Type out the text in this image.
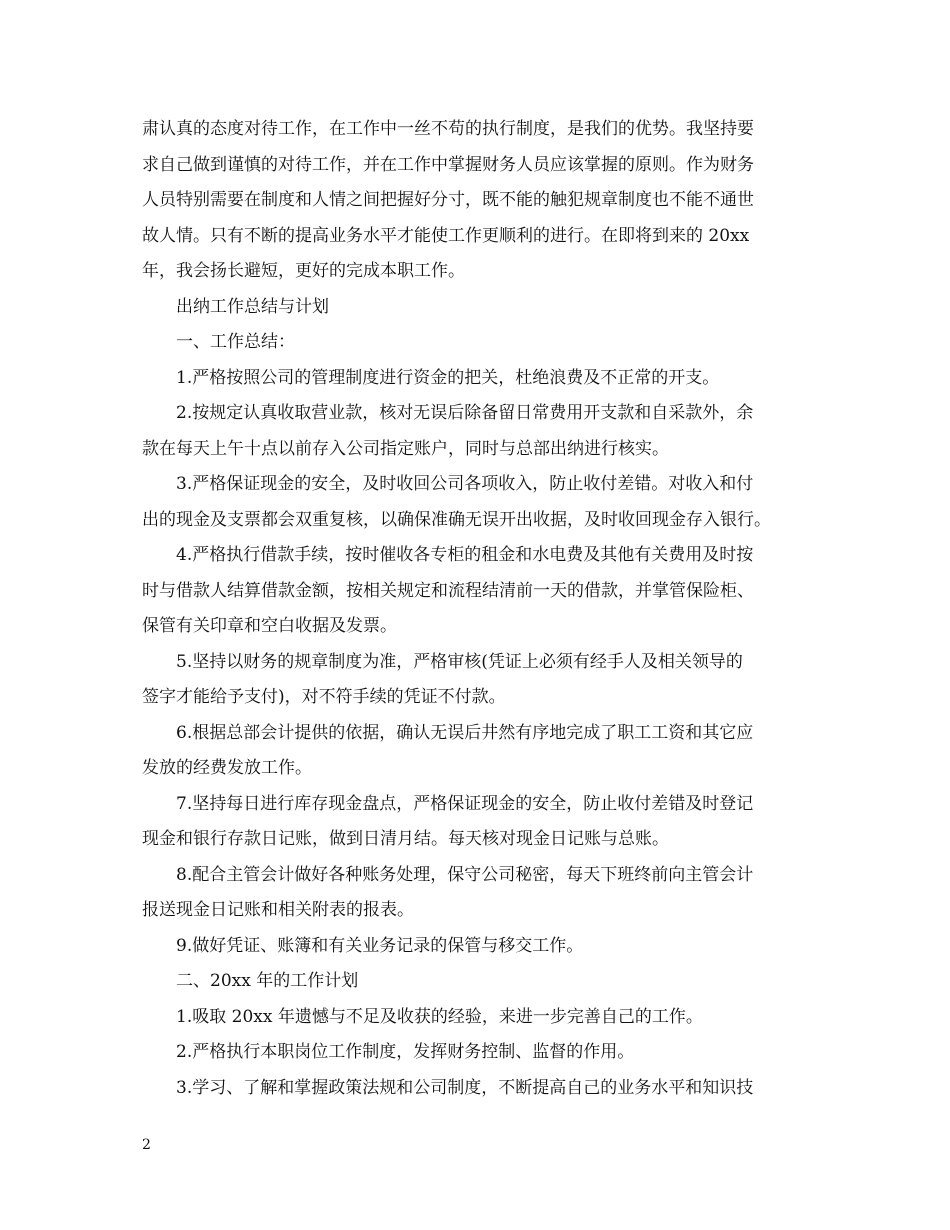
肃认真的态度对待工作，在工作中一丝不苟的执行制度，是我们的优势。我坚持要
求自己做到谨慎的对待工作，并在工作中掌握财务人员应该掌握的原则。作为财务
人员特别需要在制度和人情之间把握好分寸，既不能的触犯规章制度也不能不通世
故人情。只有不断的提高业务水平才能使工作更顺利的进行。在即将到来的 20xx
年，我会扬长避短，更好的完成本职工作。
出纳工作总结与计划
一、工作总结：
1.严格按照公司的管理制度进行资金的把关，杜绝浪费及不正常的开支。
2.按规定认真收取营业款，核对无误后除备留日常费用开支款和自采款外，余
款在每天上午十点以前存入公司指定账户，同时与总部出纳进行核实。
3.严格保证现金的安全，及时收回公司各项收入，防止收付差错。对收入和付
出的现金及支票都会双重复核，以确保准确无误开出收据，及时收回现金存入银行。
4.严格执行借款手续，按时催收各专柜的租金和水电费及其他有关费用及时按
时与借款人结算借款金额，按相关规定和流程结清前一天的借款，并掌管保险柜、
保管有关印章和空白收据及发票。
5.坚持以财务的规章制度为准，严格审核(凭证上必须有经手人及相关领导的
签字才能给予支付)，对不符手续的凭证不付款。
6.根据总部会计提供的依据，确认无误后井然有序地完成了职工工资和其它应
发放的经费发放工作。
7.坚持每日进行库存现金盘点，严格保证现金的安全，防止收付差错及时登记
现金和银行存款日记账，做到日清月结。每天核对现金日记账与总账。
8.配合主管会计做好各种账务处理，保守公司秘密，每天下班终前向主管会计
报送现金日记账和相关附表的报表。
9.做好凭证、账簿和有关业务记录的保管与移交工作。
二、20xx 年的工作计划
1.吸取 20xx 年遗憾与不足及收获的经验，来进一步完善自己的工作。
2.严格执行本职岗位工作制度，发挥财务控制、监督的作用。
3.学习、了解和掌握政策法规和公司制度，不断提高自己的业务水平和知识技
2
